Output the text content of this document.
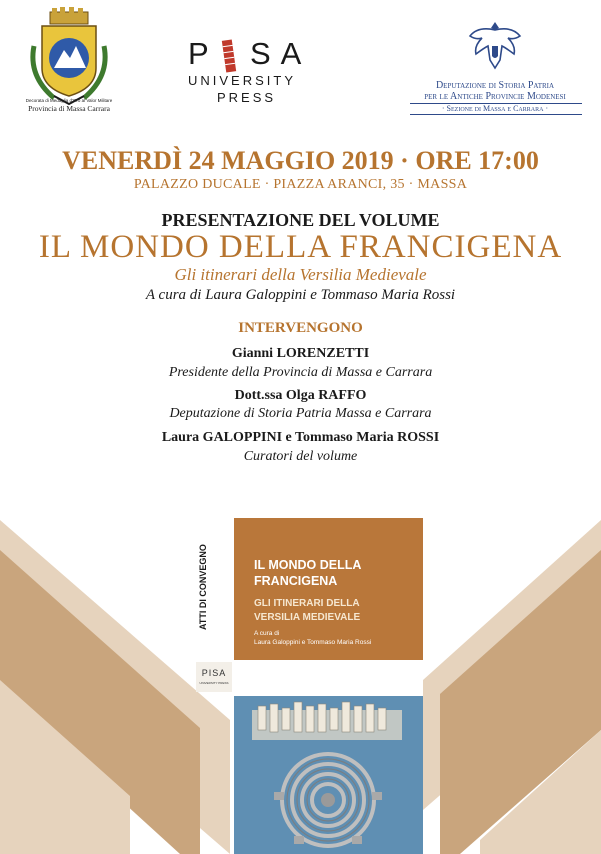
Decorata di Medaglia d'Oro al Valor Militare
Provincia di Massa Carrara
P SA
UNIVERSITY
PRESS
Deputazione di Storia Patria
per le Antiche Provincie Modenesi
· Sezione di Massa e Carrara ·
VENERDÌ 24 MAGGIO 2019 · ORE 17:00
PALAZZO DUCALE · PIAZZA ARANCI, 35 · MASSA
PRESENTAZIONE DEL VOLUME
IL MONDO DELLA FRANCIGENA
Gli itinerari della Versilia Medievale
A cura di Laura Galoppini e Tommaso Maria Rossi
INTERVENGONO
Gianni LORENZETTI
Presidente della Provincia di Massa e Carrara
Dott.ssa Olga RAFFO
Deputazione di Storia Patria Massa e Carrara
Laura GALOPPINI e Tommaso Maria ROSSI
Curatori del volume
IL MONDO DELLA
FRANCIGENA
GLI ITINERARI DELLA
VERSILIA MEDIEVALE
A cura di
Laura Galoppini e Tommaso Maria Rossi
ATTI DI CONVEGNO
PISA
UNIVERSITY PRESS
